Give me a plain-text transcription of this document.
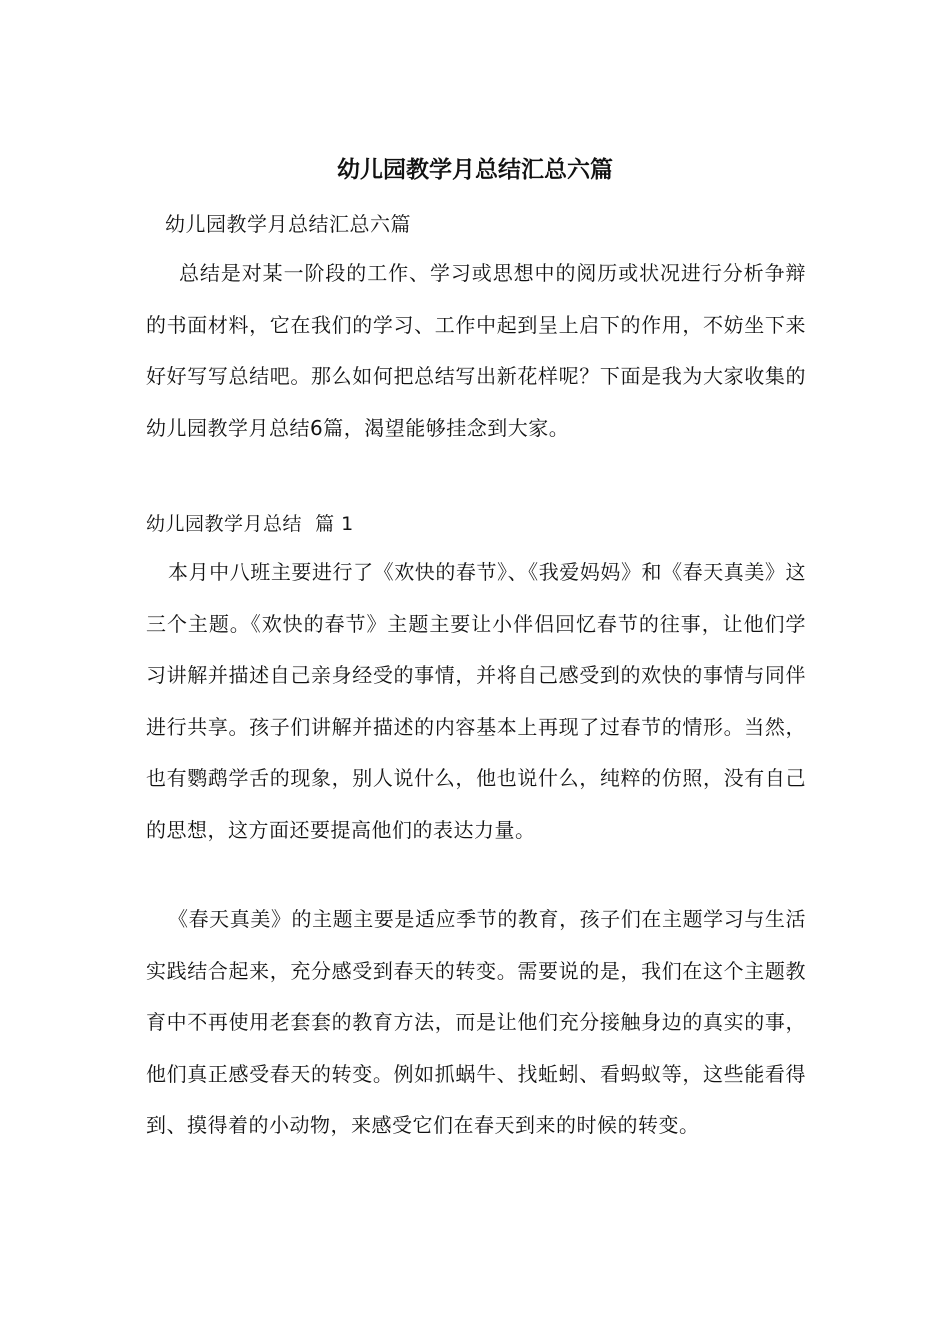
幼儿园教学月总结汇总六篇

幼儿园教学月总结汇总六篇

总结是对某一阶段的工作、学习或思想中的阅历或状况进行分析争辩的书面材料，它在我们的学习、工作中起到呈上启下的作用，不妨坐下来好好写写总结吧。那么如何把总结写出新花样呢？下面是我为大家收集的幼儿园教学月总结6篇，渴望能够挂念到大家。

幼儿园教学月总结  篇 1

本月中八班主要进行了《欢快的春节》、《我爱妈妈》和《春天真美》这三个主题。《欢快的春节》主题主要让小伴侣回忆春节的往事，让他们学习讲解并描述自己亲身经受的事情，并将自己感受到的欢快的事情与同伴进行共享。孩子们讲解并描述的内容基本上再现了过春节的情形。当然，也有鹦鹉学舌的现象，别人说什么，他也说什么，纯粹的仿照，没有自己的思想，这方面还要提高他们的表达力量。

《春天真美》的主题主要是适应季节的教育，孩子们在主题学习与生活实践结合起来，充分感受到春天的转变。需要说的是，我们在这个主题教育中不再使用老套套的教育方法，而是让他们充分接触身边的真实的事，他们真正感受春天的转变。例如抓蜗牛、找蚯蚓、看蚂蚁等，这些能看得到、摸得着的小动物，来感受它们在春天到来的时候的转变。
